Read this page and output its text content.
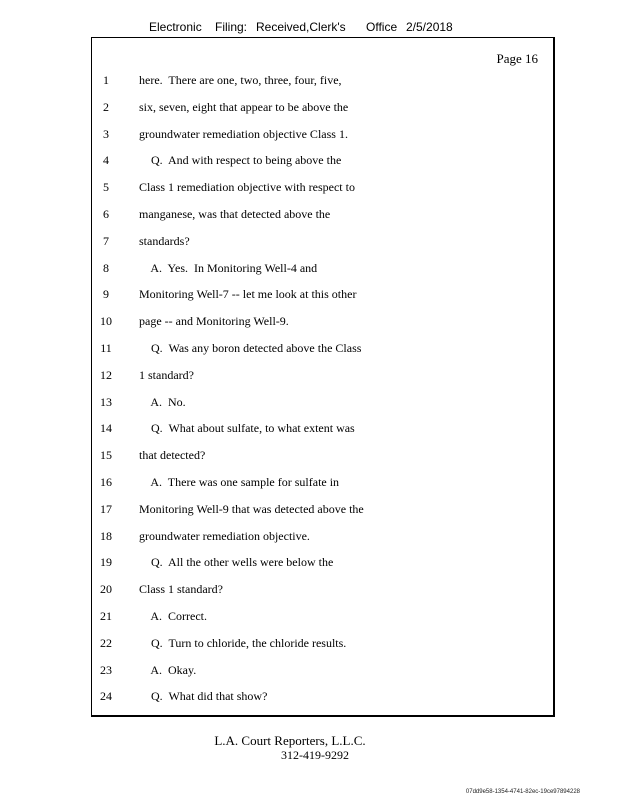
Electronic Filing: Received,Clerk's Office 2/5/2018
Page 16
1	here.  There are one, two, three, four, five,
2	six, seven, eight that appear to be above the
3	groundwater remediation objective Class 1.
4	Q.  And with respect to being above the
5	Class 1 remediation objective with respect to
6	manganese, was that detected above the
7	standards?
8	A.  Yes.  In Monitoring Well-4 and
9	Monitoring Well-7 -- let me look at this other
10	page -- and Monitoring Well-9.
11	Q.  Was any boron detected above the Class
12	1 standard?
13	A.  No.
14	Q.  What about sulfate, to what extent was
15	that detected?
16	A.  There was one sample for sulfate in
17	Monitoring Well-9 that was detected above the
18	groundwater remediation objective.
19	Q.  All the other wells were below the
20	Class 1 standard?
21	A.  Correct.
22	Q.  Turn to chloride, the chloride results.
23	A.  Okay.
24	Q.  What did that show?
L.A. Court Reporters, L.L.C.
312-419-9292
07dd9e58-1354-4741-82ec-19ce97894228
